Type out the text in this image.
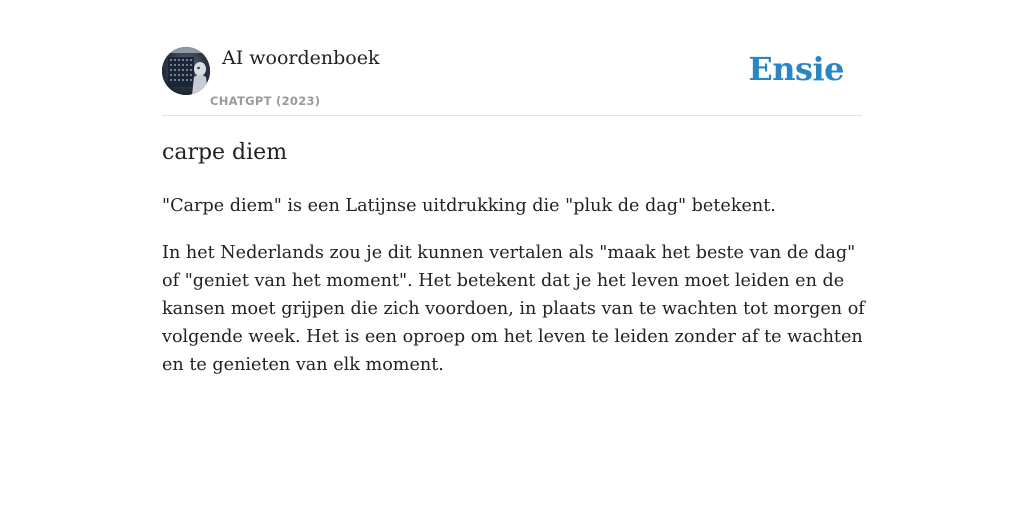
AI woordenboek
CHATGPT (2023)
Ensie
carpe diem

"Carpe diem" is een Latijnse uitdrukking die "pluk de dag" betekent.

In het Nederlands zou je dit kunnen vertalen als "maak het beste van de dag" of "geniet van het moment". Het betekent dat je het leven moet leiden en de kansen moet grijpen die zich voordoen, in plaats van te wachten tot morgen of volgende week. Het is een oproep om het leven te leiden zonder af te wachten en te genieten van elk moment.
